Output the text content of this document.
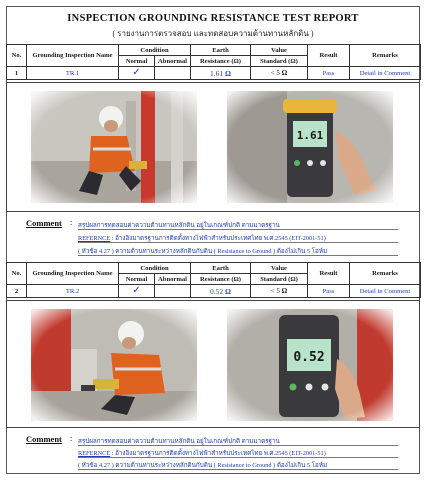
INSPECTION GROUNDING RESISTANCE TEST REPORT
( รายงานการตรวจสอบ และทดสอบความต้านทานหลักดิน )
No.	Grounding Inspection Name	Condition		Earth	Value	Result	Remarks
		Normal	Abnormal	Resistance (Ω)	Standard (Ω)		
1	TR.1	✓		1.61 Ω	< 5 Ω	Pass	Detail in Comment
Comment : สรุปผลการทดสอบค่าความต้านทานหลักดิน อยู่ในเกณฑ์ปกติ ตามมาตรฐาน
REFERNCE : อ้างอิงมาตรฐานการติดตั้งทางไฟฟ้าสำหรับประเทศไทย พ.ศ.2545 (EIT-2001-51)
( หัวข้อ 4.27 ) ความต้านทานระหว่างหลักดินกับดิน ( Resistance to Ground ) ต้องไม่เกิน 5 โอห์ม
No.	Grounding Inspection Name	Condition		Earth	Value	Result	Remarks
		Normal	Abnormal	Resistance (Ω)	Standard (Ω)		
2	TR.2	✓		0.52 Ω	< 5 Ω	Pass	Detail in Comment
Comment : สรุปผลการทดสอบค่าความต้านทานหลักดิน อยู่ในเกณฑ์ปกติ ตามมาตรฐาน
REFERNCE : อ้างอิงมาตรฐานการติดตั้งทางไฟฟ้าสำหรับประเทศไทย พ.ศ.2545 (EIT-2001-51)
( หัวข้อ 4.27 ) ความต้านทานระหว่างหลักดินกับดิน ( Resistance to Ground ) ต้องไม่เกิน 5 โอห์ม
